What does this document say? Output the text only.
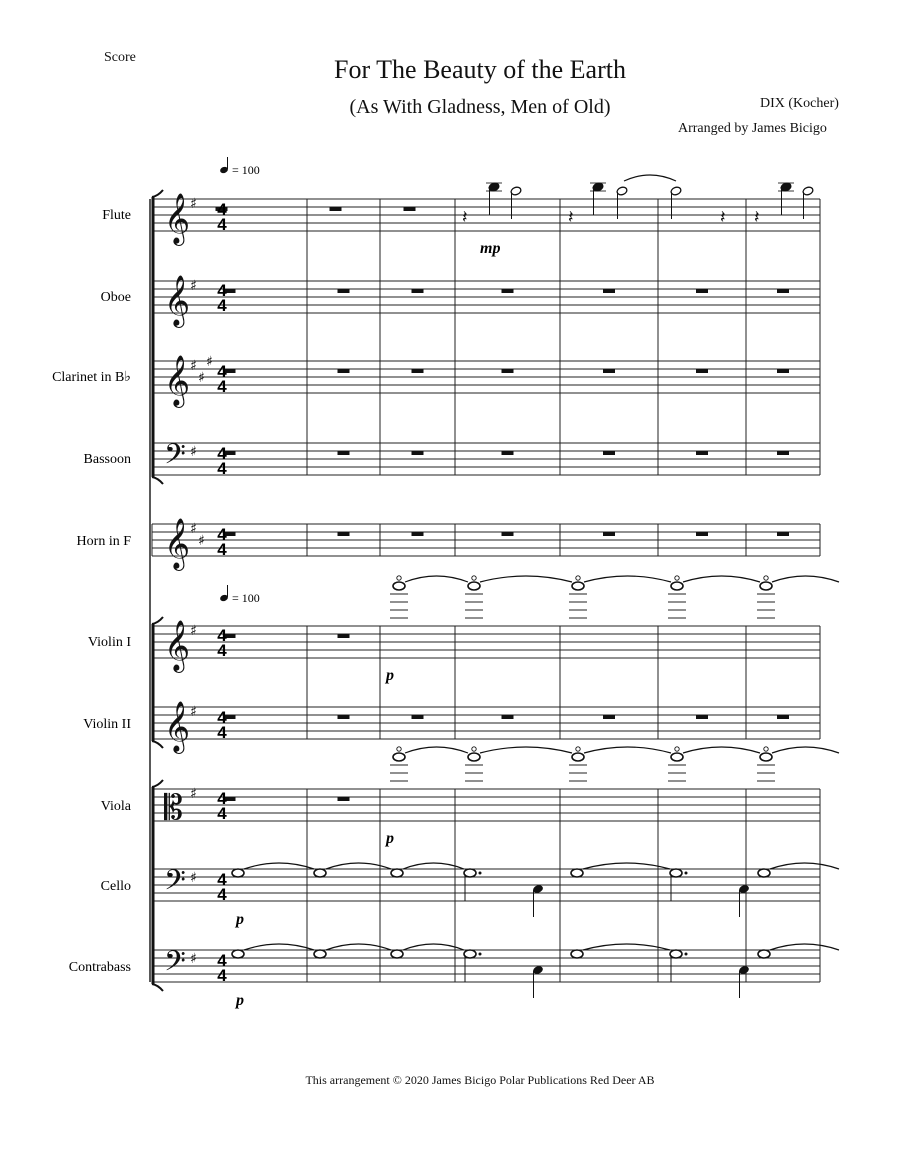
Score	For The Beauty of the Earth
(As With Gladness, Men of Old)	DIX (Kocher)
Arranged by James Bicigo
This arrangement © 2020 James Bicigo Polar Publications Red Deer AB
Flute
Oboe
Clarinet in B♭
Bassoon
Horn in F
Violin I
Violin II
Viola
Cello
Contrabass
= 100
= 100
𝄞 ♯
𝄞 ♯
𝄞 ♯
♯
♯
𝄢 ♯
𝄞 ♯
♯
𝄞 ♯
𝄞 ♯
𝄡 ♯
𝄢 ♯
𝄢 ♯
𝄽	𝄽	𝄽 𝄽
4
4
4
4
4
4
4
4
4
4
4
4
4
4
4
4
4
4
4
4
mp
p
p
p
p
